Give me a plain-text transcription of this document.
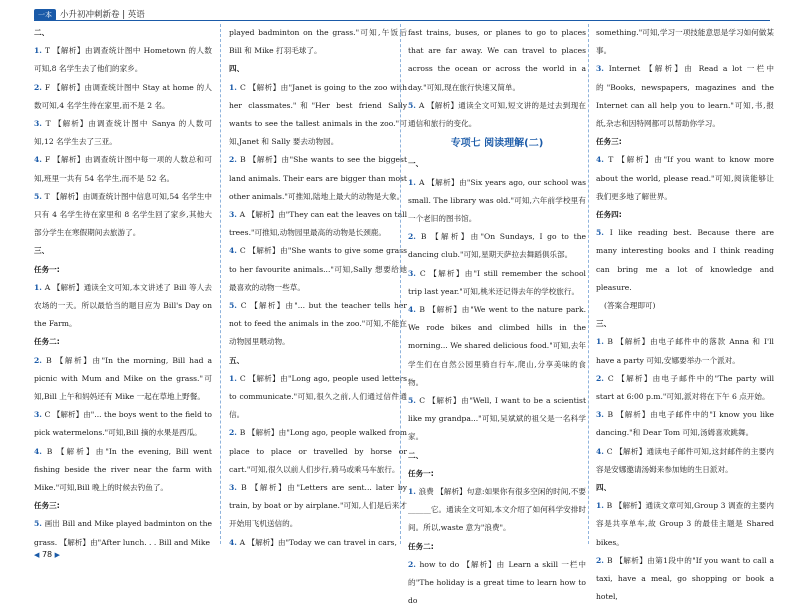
一本 小升初冲刺新卷 | 英语

二、

1. T 【解析】由调查统计图中 Hometown 的人数可知,8 名学生去了他们的家乡。

2. F 【解析】由调查统计图中 Stay at home 的人数可知,4 名学生待在家里,而不是 2 名。

3. T 【解析】由调查统计图中 Sanya 的人数可知,12 名学生去了三亚。

4. F 【解析】由调查统计图中每一项的人数总和可知,班里一共有 54 名学生,而不是 52 名。

5. T 【解析】由调查统计图中信息可知,54 名学生中只有 4 名学生待在家里和 8 名学生回了家乡,其他大部分学生在寒假期间去旅游了。

三、

任务一:

1. A 【解析】通读全文可知,本文讲述了 Bill 等人去农场的一天。所以最恰当的题目应为 Bill's Day on the Farm。

任务二:

2. B 【解析】由"In the morning, Bill had a picnic with Mum and Mike on the grass."可知,Bill 上午和妈妈还有 Mike 一起在草地上野餐。

3. C 【解析】由"... the boys went to the field to pick watermelons."可知,Bill 摘的水果是西瓜。

4. B 【解析】由"In the evening, Bill went fishing beside the river near the farm with Mike."可知,Bill 晚上的时候去钓鱼了。

任务三:

5. 画出 Bill and Mike played badminton on the grass. 【解析】由"After lunch. . . Bill and Mike

played badminton on the grass."可知,午饭后 Bill 和 Mike 打羽毛球了。

四、

1. C 【解析】由"Janet is going to the zoo with her classmates."和"Her best friend Sally wants to see the tallest animals in the zoo."可知,Janet 和 Sally 要去动物园。

2. B 【解析】由"She wants to see the biggest land animals. Their ears are bigger than most other animals."可推知,陆地上最大的动物是大象。

3. A 【解析】由"They can eat the leaves on tall trees."可推知,动物园里最高的动物是长颈鹿。

4. C 【解析】由"She wants to give some grass to her favourite animals..."可知,Sally 想要给她最喜欢的动物一些草。

5. C 【解析】由"... but the teacher tells her not to feed the animals in the zoo."可知,不能在动物园里喂动物。

五、

1. C 【解析】由"Long ago, people used letters to communicate."可知,很久之前,人们通过信件通信。

2. B 【解析】由"Long ago, people walked from place to place or travelled by horse or cart."可知,很久以前人们步行,骑马或乘马车旅行。

3. B 【解析】由"Letters are sent... later by train, by boat or by airplane."可知,人们是后来才开始用飞机送信的。

4. A 【解析】由"Today we can travel in cars,

fast trains, buses, or planes to go to places that are far away. We can travel to places across the ocean or across the world in a day."可知,现在旅行快速又简单。

5. A 【解析】通读全文可知,短文讲的是过去到现在通信和旅行的变化。

专项七 阅读理解(二)

一、

1. A 【解析】由"Six years ago, our school was small. The library was old."可知,六年前学校里有一个老旧的图书馆。

2. B 【解析】由"On Sundays, I go to the dancing club."可知,星期天萨拉去舞蹈俱乐部。

3. C 【解析】由"I still remember the school trip last year."可知,桃米还记得去年的学校旅行。

4. B 【解析】由"We went to the nature park. We rode bikes and climbed hills in the morning... We shared delicious food."可知,去年学生们在自然公园里骑自行车,爬山,分享美味的食物。

5. C 【解析】由"Well, I want to be a scientist like my grandpa..."可知,吴斌斌的祖父是一名科学家。

二、

任务一:

1. 浪费 【解析】句意:如果你有很多空闲的时间,不要______它。通读全文可知,本文介绍了如何科学安排时间。所以,waste 意为"浪费"。

任务二:

2. how to do 【解析】由 Learn a skill 一栏中的"The holiday is a great time to learn how to do

something."可知,学习一项技能意思是学习如何做某事。

3. Internet 【解析】由 Read a lot 一栏中的"Books, newspapers, magazines and the Internet can all help you to learn."可知,书,报纸,杂志和因特网都可以帮助你学习。

任务三:

4. T 【解析】由"If you want to know more about the world, please read."可知,阅读能够让我们更多地了解世界。

任务四:

5. I like reading best. Because there are many interesting books and I think reading can bring me a lot of knowledge and pleasure.

(答案合理即可)

三、

1. B 【解析】由电子邮件中的落款 Anna 和 I'll have a party 可知,安娜要举办一个派对。

2. C 【解析】由电子邮件中的"The party will start at 6:00 p.m."可知,派对将在下午 6 点开始。

3. B 【解析】由电子邮件中的"I know you like dancing."和 Dear Tom 可知,汤姆喜欢跳舞。

4. C 【解析】通读电子邮件可知,这封邮件的主要内容是安娜邀请汤姆来参加她的生日派对。

四、

1. B 【解析】通读文章可知,Group 3 调查的主要内容是共享单车,故 Group 3 的最佳主题是 Shared bikes。

2. B 【解析】由第1段中的"If you want to call a taxi, have a meal, go shopping or book a hotel,

◀ 78 ▶
